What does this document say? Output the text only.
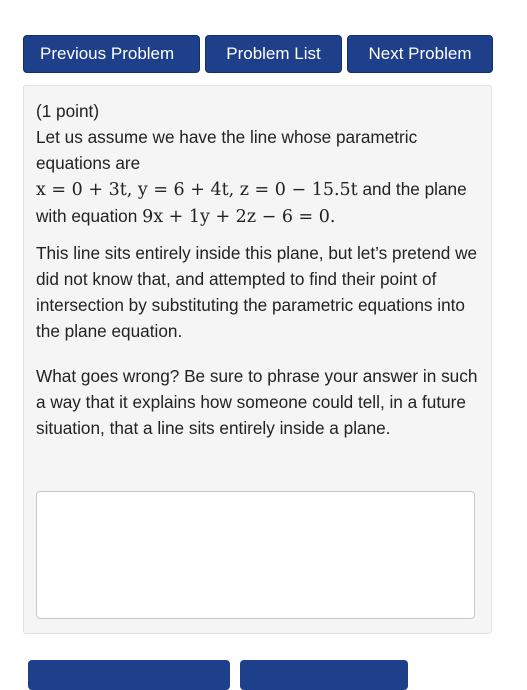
Previous Problem	Problem List	Next Problem

(1 point)

Let us assume we have the line whose parametric equations are
x = 0 + 3t, y = 6 + 4t, z = 0 − 15.5t and the plane with equation 9x + 1y + 2z − 6 = 0.

This line sits entirely inside this plane, but let’s pretend we did not know that, and attempted to find their point of intersection by substituting the parametric equations into the plane equation.

What goes wrong? Be sure to phrase your answer in such a way that it explains how someone could tell, in a future situation, that a line sits entirely inside a plane.
